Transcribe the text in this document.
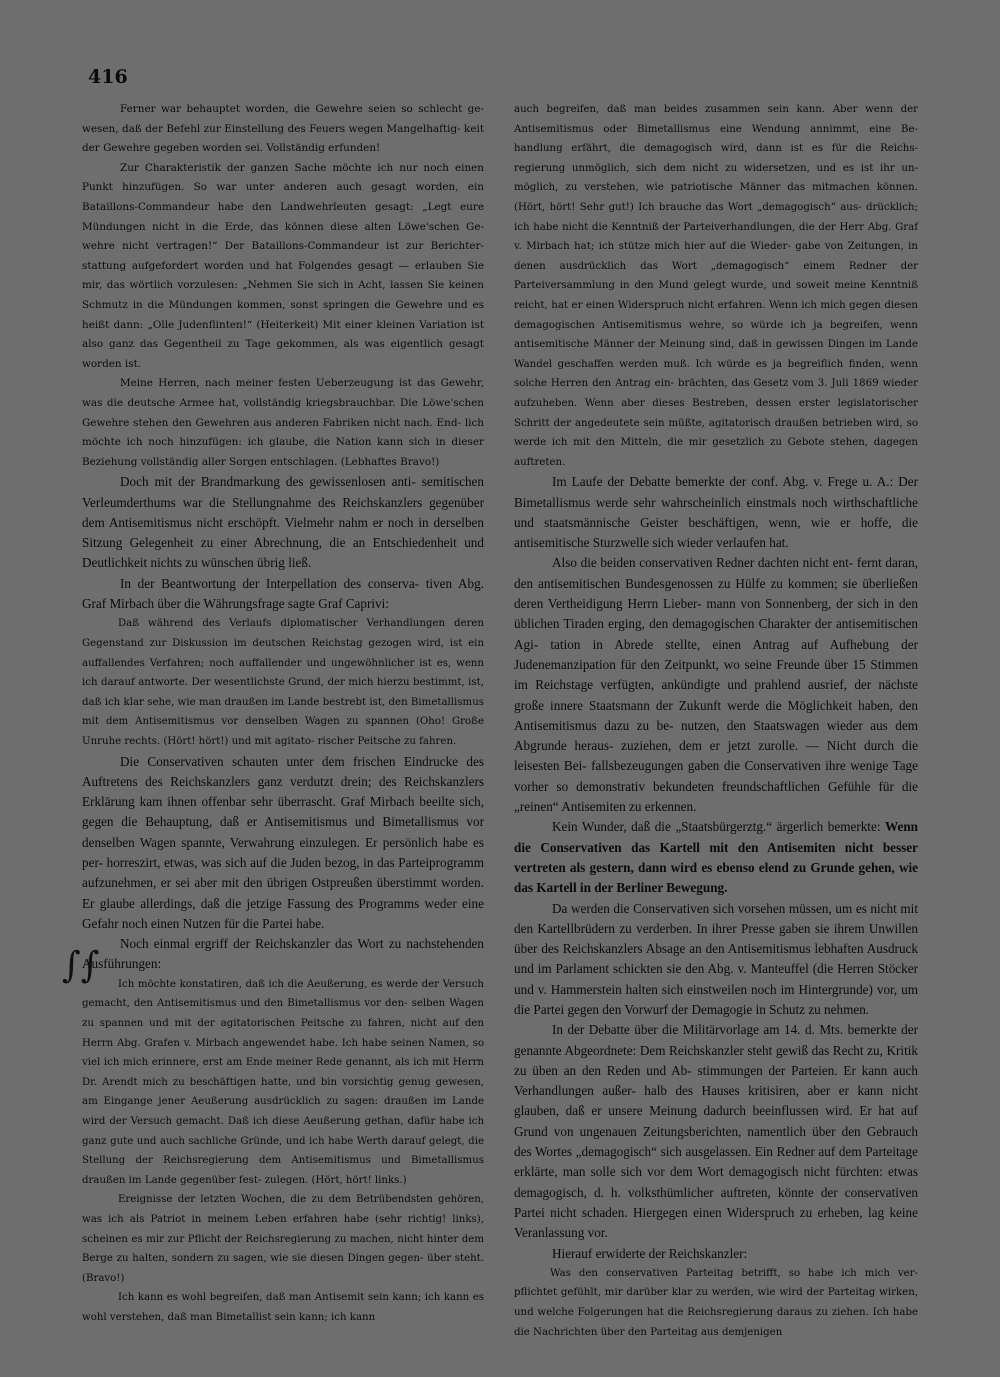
416
∫∫

Ferner war behauptet worden, die Gewehre seien so schlecht ge- wesen, daß der Befehl zur Einstellung des Feuers wegen Mangelhaftig- keit der Gewehre gegeben worden sei. Vollständig erfunden!

Zur Charakteristik der ganzen Sache möchte ich nur noch einen Punkt hinzufügen. So war unter anderen auch gesagt worden, ein Bataillons-Commandeur habe den Landwehrleuten gesagt: „Legt eure Mündungen nicht in die Erde, das können diese alten Löwe'schen Ge- wehre nicht vertragen!“ Der Bataillons-Commandeur ist zur Berichter- stattung aufgefordert worden und hat Folgendes gesagt — erlauben Sie mir, das wörtlich vorzulesen: „Nehmen Sie sich in Acht, lassen Sie keinen Schmutz in die Mündungen kommen, sonst springen die Gewehre und es heißt dann: „Olle Judenflinten!“ (Heiterkeit) Mit einer kleinen Variation ist also ganz das Gegentheil zu Tage gekommen, als was eigentlich gesagt worden ist.

Meine Herren, nach meiner festen Ueberzeugung ist das Gewehr, was die deutsche Armee hat, vollständig kriegsbrauchbar. Die Löwe'schen Gewehre stehen den Gewehren aus anderen Fabriken nicht nach. End- lich möchte ich noch hinzufügen: ich glaube, die Nation kann sich in dieser Beziehung vollständig aller Sorgen entschlagen. (Lebhaftes Bravo!)

Doch mit der Brandmarkung des gewissenlosen anti- semitischen Verleumderthums war die Stellungnahme des Reichskanzlers gegenüber dem Antisemitismus nicht erschöpft. Vielmehr nahm er noch in derselben Sitzung Gelegenheit zu einer Abrechnung, die an Entschiedenheit und Deutlichkeit nichts zu wünschen übrig ließ.

In der Beantwortung der Interpellation des conserva- tiven Abg. Graf Mirbach über die Währungsfrage sagte Graf Caprivi:

Daß während des Verlaufs diplomatischer Verhandlungen deren Gegenstand zur Diskussion im deutschen Reichstag gezogen wird, ist ein auffallendes Verfahren; noch auffallender und ungewöhnlicher ist es, wenn ich darauf antworte. Der wesentlichste Grund, der mich hierzu bestimmt, ist, daß ich klar sehe, wie man draußen im Lande bestrebt ist, den Bimetallismus mit dem Antisemitismus vor denselben Wagen zu spannen (Oho! Große Unruhe rechts. (Hört! hört!) und mit agitato- rischer Peitsche zu fahren.

Die Conservativen schauten unter dem frischen Eindrucke des Auftretens des Reichskanzlers ganz verdutzt drein; des Reichskanzlers Erklärung kam ihnen offenbar sehr überrascht. Graf Mirbach beeilte sich, gegen die Behauptung, daß er Antisemitismus und Bimetallismus vor denselben Wagen spannte, Verwahrung einzulegen. Er persönlich habe es per- horreszirt, etwas, was sich auf die Juden bezog, in das Parteiprogramm aufzunehmen, er sei aber mit den übrigen Ostpreußen überstimmt worden. Er glaube allerdings, daß die jetzige Fassung des Programms weder eine Gefahr noch einen Nutzen für die Partei habe.

Noch einmal ergriff der Reichskanzler das Wort zu nachstehenden Ausführungen:

Ich möchte konstatiren, daß ich die Aeußerung, es werde der Versuch gemacht, den Antisemitismus und den Bimetallismus vor den- selben Wagen zu spannen und mit der agitatorischen Peitsche zu fahren, nicht auf den Herrn Abg. Grafen v. Mirbach angewendet habe. Ich habe seinen Namen, so viel ich mich erinnere, erst am Ende meiner Rede genannt, als ich mit Herrn Dr. Arendt mich zu beschäftigen hatte, und bin vorsichtig genug gewesen, am Eingange jener Aeußerung ausdrücklich zu sagen: draußen im Lande wird der Versuch gemacht. Daß ich diese Aeußerung gethan, dafür habe ich ganz gute und auch sachliche Gründe, und ich habe Werth darauf gelegt, die Stellung der Reichsregierung dem Antisemitismus und Bimetallismus draußen im Lande gegenüber fest- zulegen. (Hört, hört! links.)

Ereignisse der letzten Wochen, die zu dem Betrübendsten gehören, was ich als Patriot in meinem Leben erfahren habe (sehr richtig! links), scheinen es mir zur Pflicht der Reichsregierung zu machen, nicht hinter dem Berge zu halten, sondern zu sagen, wie sie diesen Dingen gegen- über steht. (Bravo!)

Ich kann es wohl begreifen, daß man Antisemit sein kann; ich kann es wohl verstehen, daß man Bimetallist sein kann; ich kann

auch begreifen, daß man beides zusammen sein kann. Aber wenn der Antisemitismus oder Bimetallismus eine Wendung annimmt, eine Be- handlung erfährt, die demagogisch wird, dann ist es für die Reichs- regierung unmöglich, sich dem nicht zu widersetzen, und es ist ihr un- möglich, zu verstehen, wie patriotische Männer das mitmachen können. (Hört, hört! Sehr gut!) Ich brauche das Wort „demagogisch“ aus- drücklich; ich habe nicht die Kenntniß der Parteiverhandlungen, die der Herr Abg. Graf v. Mirbach hat; ich stütze mich hier auf die Wieder- gabe von Zeitungen, in denen ausdrücklich das Wort „demagogisch“ einem Redner der Parteiversammlung in den Mund gelegt wurde, und soweit meine Kenntniß reicht, hat er einen Widerspruch nicht erfahren. Wenn ich mich gegen diesen demagogischen Antisemitismus wehre, so würde ich ja begreifen, wenn antisemitische Männer der Meinung sind, daß in gewissen Dingen im Lande Wandel geschaffen werden muß. Ich würde es ja begreiflich finden, wenn solche Herren den Antrag ein- brächten, das Gesetz vom 3. Juli 1869 wieder aufzuheben. Wenn aber dieses Bestreben, dessen erster legislatorischer Schritt der angedeutete sein müßte, agitatorisch draußen betrieben wird, so werde ich mit den Mitteln, die mir gesetzlich zu Gebote stehen, dagegen auftreten.

Im Laufe der Debatte bemerkte der conf. Abg. v. Frege u. A.: Der Bimetallismus werde sehr wahrscheinlich einstmals noch wirthschaftliche und staatsmännische Geister beschäftigen, wenn, wie er hoffe, die antisemitische Sturzwelle sich wieder verlaufen hat.

Also die beiden conservativen Redner dachten nicht ent- fernt daran, den antisemitischen Bundesgenossen zu Hülfe zu kommen; sie überließen deren Vertheidigung Herrn Lieber- mann von Sonnenberg, der sich in den üblichen Tiraden erging, den demagogischen Charakter der antisemitischen Agi- tation in Abrede stellte, einen Antrag auf Aufhebung der Judenemanzipation für den Zeitpunkt, wo seine Freunde über 15 Stimmen im Reichstage verfügten, ankündigte und prahlend ausrief, der nächste große innere Staatsmann der Zukunft werde die Möglichkeit haben, den Antisemitismus dazu zu be- nutzen, den Staatswagen wieder aus dem Abgrunde heraus- zuziehen, dem er jetzt zurolle. — Nicht durch die leisesten Bei- fallsbezeugungen gaben die Conservativen ihre wenige Tage vorher so demonstrativ bekundeten freundschaftlichen Gefühle für die „reinen“ Antisemiten zu erkennen.

Kein Wunder, daß die „Staatsbürgerztg.“ ärgerlich bemerkte: Wenn die Conservativen das Kartell mit den Antisemiten nicht besser vertreten als gestern, dann wird es ebenso elend zu Grunde gehen, wie das Kartell in der Berliner Bewegung.

Da werden die Conservativen sich vorsehen müssen, um es nicht mit den Kartellbrüdern zu verderben. In ihrer Presse gaben sie ihrem Unwillen über des Reichskanzlers Absage an den Antisemitismus lebhaften Ausdruck und im Parlament schickten sie den Abg. v. Manteuffel (die Herren Stöcker und v. Hammerstein halten sich einstweilen noch im Hintergrunde) vor, um die Partei gegen den Vorwurf der Demagogie in Schutz zu nehmen.

In der Debatte über die Militärvorlage am 14. d. Mts. bemerkte der genannte Abgeordnete: Dem Reichskanzler steht gewiß das Recht zu, Kritik zu üben an den Reden und Ab- stimmungen der Parteien. Er kann auch Verhandlungen außer- halb des Hauses kritisiren, aber er kann nicht glauben, daß er unsere Meinung dadurch beeinflussen wird. Er hat auf Grund von ungenauen Zeitungsberichten, namentlich über den Gebrauch des Wortes „demagogisch“ sich ausgelassen. Ein Redner auf dem Parteitage erklärte, man solle sich vor dem Wort demagogisch nicht fürchten: etwas demagogisch, d. h. volksthümlicher auftreten, könnte der conservativen Partei nicht schaden. Hiergegen einen Widerspruch zu erheben, lag keine Veranlassung vor.

Hierauf erwiderte der Reichskanzler:

Was den conservativen Parteitag betrifft, so habe ich mich ver- pflichtet gefühlt, mir darüber klar zu werden, wie wird der Parteitag wirken, und welche Folgerungen hat die Reichsregierung daraus zu ziehen. Ich habe die Nachrichten über den Parteitag aus demjenigen
